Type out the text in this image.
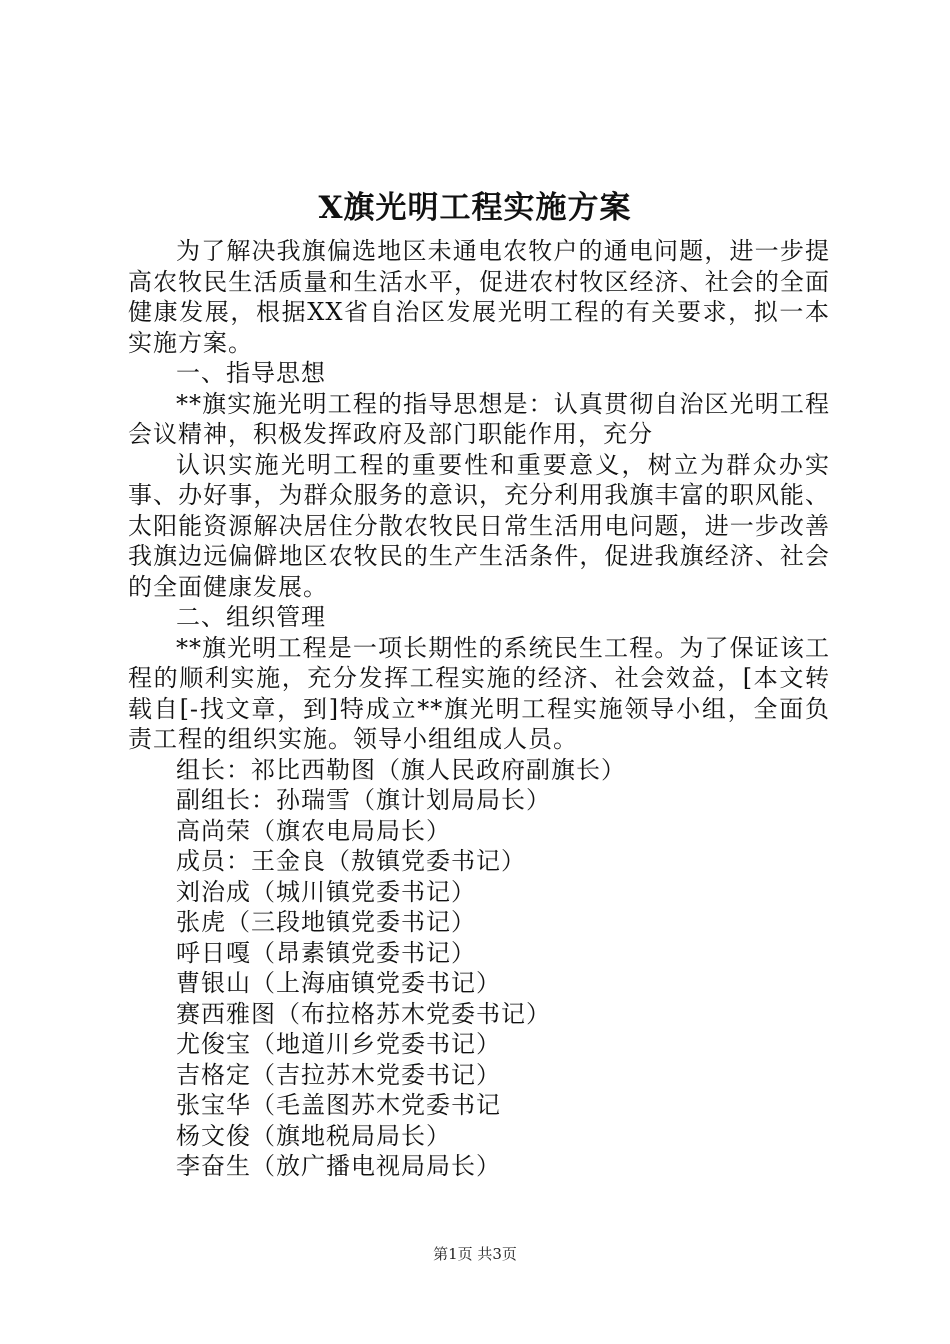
X旗光明工程实施方案

为了解决我旗偏选地区未通电农牧户的通电问题，进一步提高农牧民生活质量和生活水平，促进农村牧区经济、社会的全面健康发展，根据XX省自治区发展光明工程的有关要求，拟一本实施方案。

一、指导思想

**旗实施光明工程的指导思想是：认真贯彻自治区光明工程会议精神，积极发挥政府及部门职能作用，充分

认识实施光明工程的重要性和重要意义，树立为群众办实事、办好事，为群众服务的意识，充分利用我旗丰富的职风能、太阳能资源解决居住分散农牧民日常生活用电问题，进一步改善我旗边远偏僻地区农牧民的生产生活条件，促进我旗经济、社会的全面健康发展。

二、组织管理

**旗光明工程是一项长期性的系统民生工程。为了保证该工程的顺利实施，充分发挥工程实施的经济、社会效益，[本文转载自[-找文章，到]特成立**旗光明工程实施领导小组，全面负责工程的组织实施。领导小组组成人员。

组长：祁比西勒图（旗人民政府副旗长）
副组长：孙瑞雪（旗计划局局长）
高尚荣（旗农电局局长）
成员：王金良（敖镇党委书记）
刘治成（城川镇党委书记）
张虎（三段地镇党委书记）
呼日嘎（昂素镇党委书记）
曹银山（上海庙镇党委书记）
赛西雅图（布拉格苏木党委书记）
尤俊宝（地道川乡党委书记）
吉格定（吉拉苏木党委书记）
张宝华（毛盖图苏木党委书记
杨文俊（旗地税局局长）
李奋生（放广播电视局局长）
第1页 共3页
